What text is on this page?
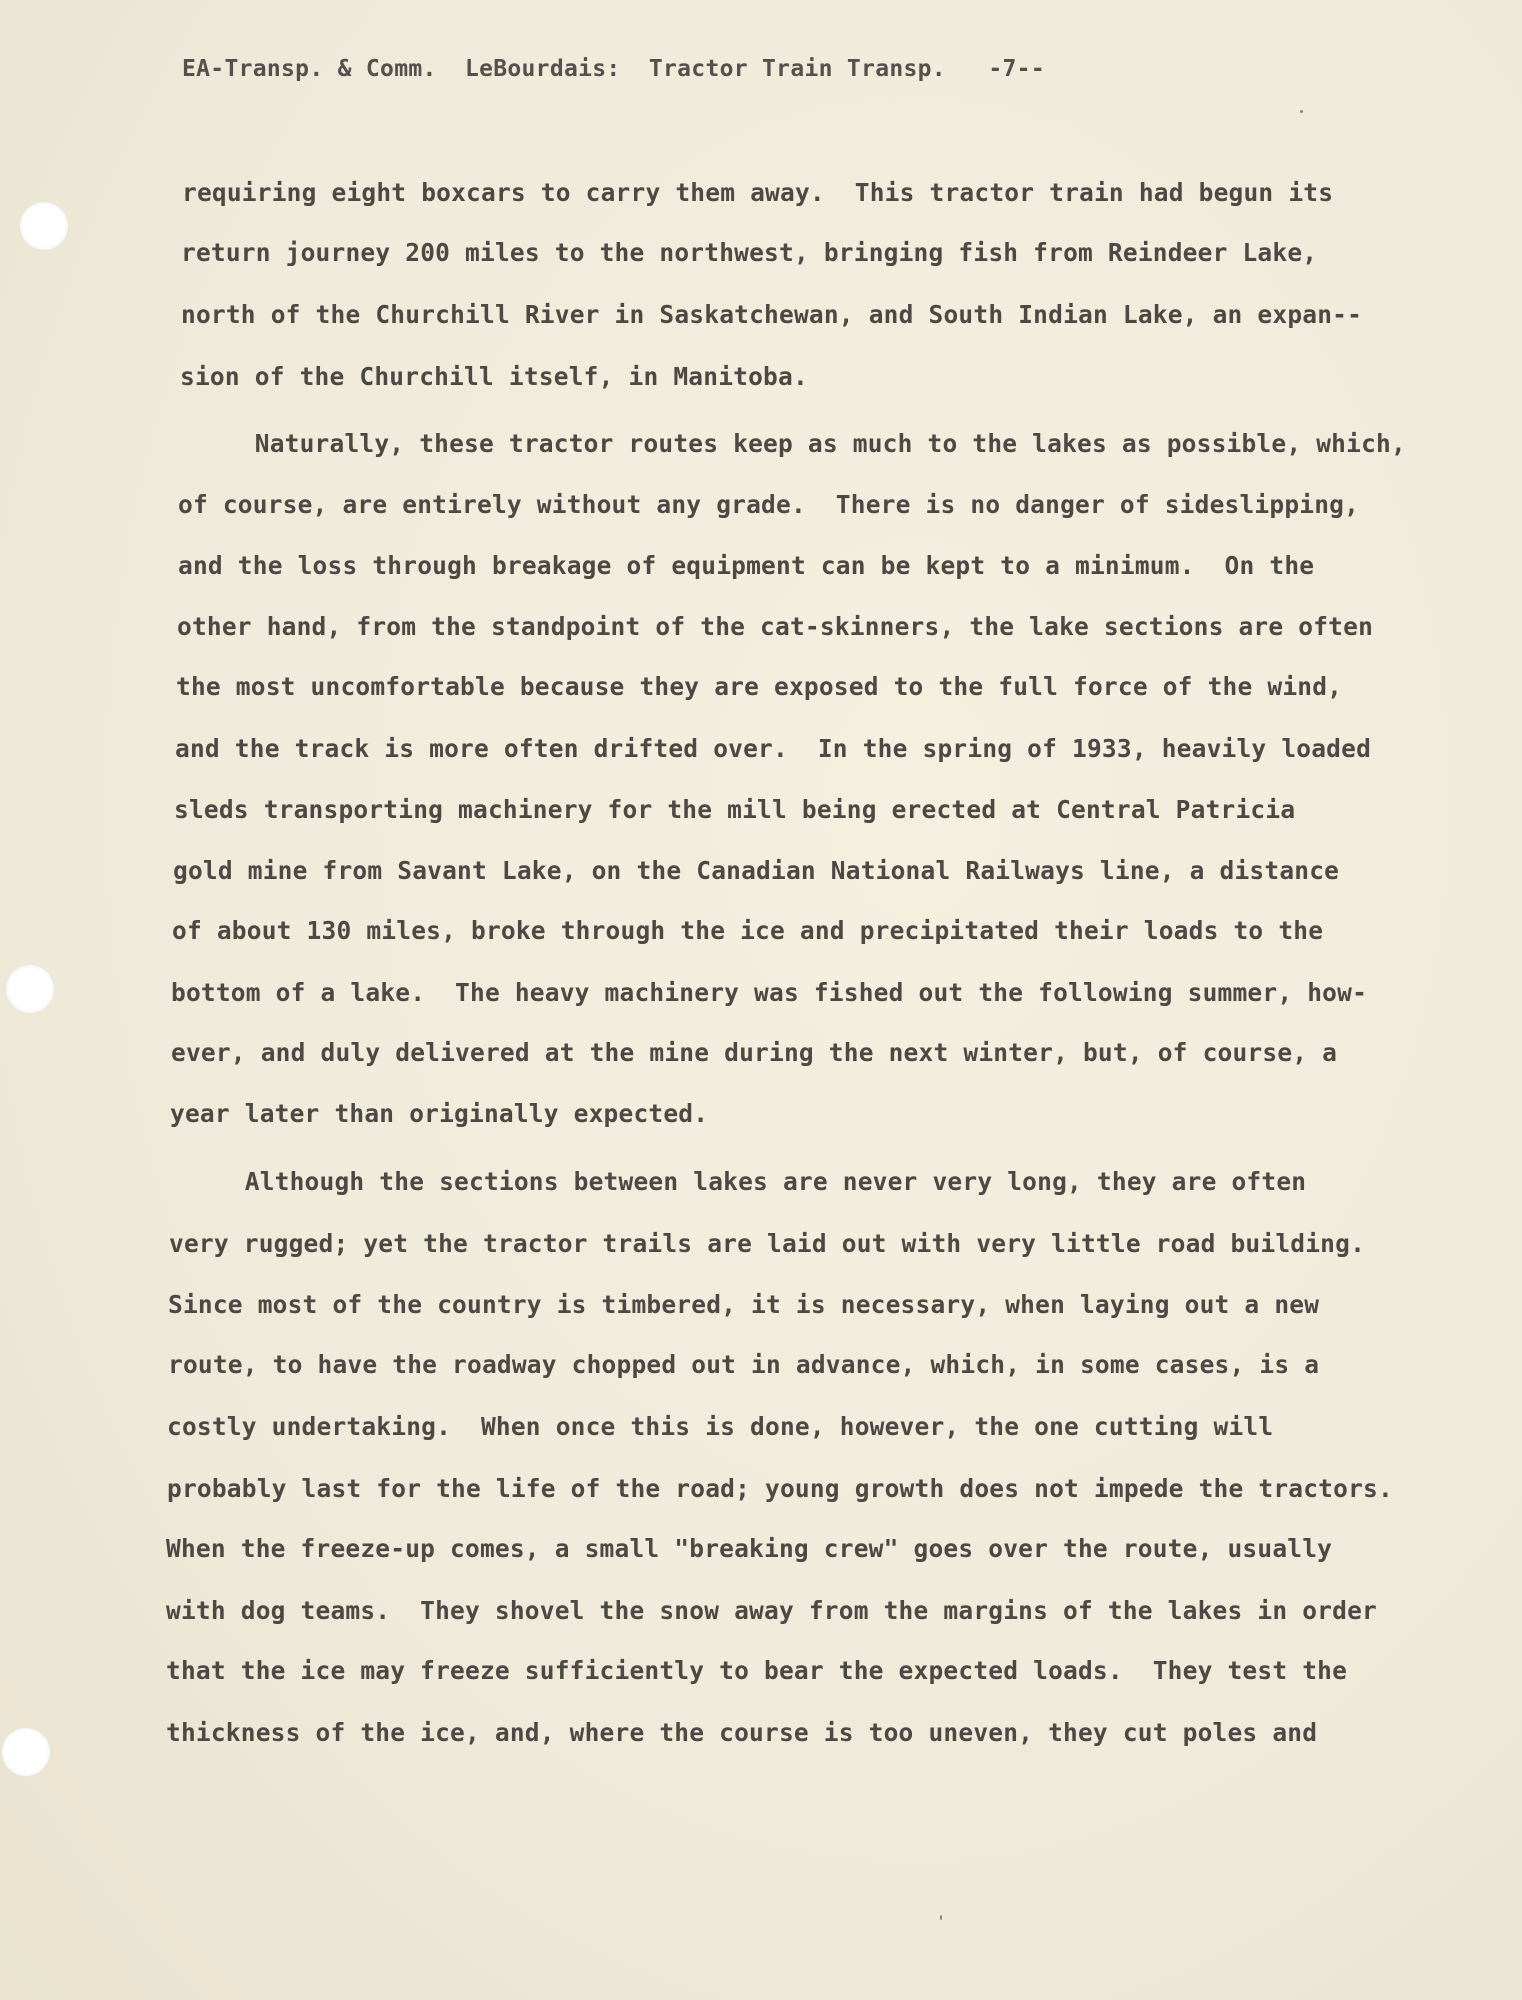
EA-Transp. & Comm.  LeBourdais:  Tractor Train Transp.   -7--
requiring eight boxcars to carry them away.  This tractor train had begun its
return journey 200 miles to the northwest, bringing fish from Reindeer Lake,
north of the Churchill River in Saskatchewan, and South Indian Lake, an expan--
sion of the Churchill itself, in Manitoba.
Naturally, these tractor routes keep as much to the lakes as possible, which,
of course, are entirely without any grade.  There is no danger of sideslipping,
and the loss through breakage of equipment can be kept to a minimum.  On the
other hand, from the standpoint of the cat-skinners, the lake sections are often
the most uncomfortable because they are exposed to the full force of the wind,
and the track is more often drifted over.  In the spring of 1933, heavily loaded
sleds transporting machinery for the mill being erected at Central Patricia
gold mine from Savant Lake, on the Canadian National Railways line, a distance
of about 130 miles, broke through the ice and precipitated their loads to the
bottom of a lake.  The heavy machinery was fished out the following summer, how-
ever, and duly delivered at the mine during the next winter, but, of course, a
year later than originally expected.
Although the sections between lakes are never very long, they are often
very rugged; yet the tractor trails are laid out with very little road building.
Since most of the country is timbered, it is necessary, when laying out a new
route, to have the roadway chopped out in advance, which, in some cases, is a
costly undertaking.  When once this is done, however, the one cutting will
probably last for the life of the road; young growth does not impede the tractors.
When the freeze-up comes, a small "breaking crew" goes over the route, usually
with dog teams.  They shovel the snow away from the margins of the lakes in order
that the ice may freeze sufficiently to bear the expected loads.  They test the
thickness of the ice, and, where the course is too uneven, they cut poles and
